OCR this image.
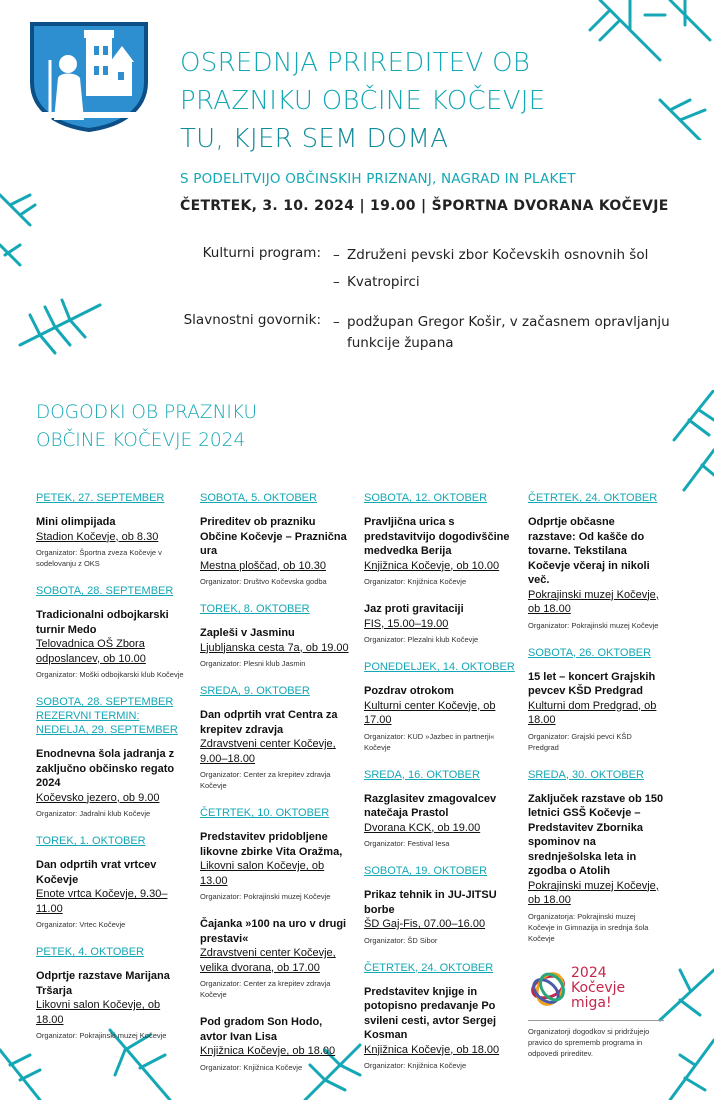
OSREDNJA PRIREDITEV OB
PRAZNIKU OBČINE KOČEVJE
TU, KJER SEM DOMA
S PODELITVIJO OBČINSKIH PRIZNANJ, NAGRAD IN PLAKET
ČETRTEK, 3. 10. 2024 | 19.00 | ŠPORTNA DVORANA KOČEVJE
Kulturni program: – Združeni pevski zbor Kočevskih osnovnih šol
– Kvatropirci
Slavnostni govornik: – podžupan Gregor Košir, v začasnem opravljanju funkcije župana
DOGODKI OB PRAZNIKU
OBČINE KOČEVJE 2024
PETEK, 27. SEPTEMBER
Mini olimpijada
Stadion Kočevje, ob 8.30
Organizator: Športna zveza Kočevje v sodelovanju z OKS
SOBOTA, 28. SEPTEMBER
Tradicionalni odbojkarski turnir Medo
Telovadnica OŠ Zbora odposlancev, ob 10.00
Organizator: Moški odbojkarski klub Kočevje
SOBOTA, 28. SEPTEMBER REZERVNI TERMIN: NEDELJA, 29. SEPTEMBER
Enodnevna šola jadranja z zaključno občinsko regato 2024
Kočevsko jezero, ob 9.00
Organizator: Jadralni klub Kočevje
TOREK, 1. OKTOBER
Dan odprtih vrat vrtcev Kočevje
Enote vrtca Kočevje, 9.30–11.00
Organizator: Vrtec Kočevje
PETEK, 4. OKTOBER
Odprtje razstave Marijana Tršarja
Likovni salon Kočevje, ob 18.00
Organizator: Pokrajinski muzej Kočevje
SOBOTA, 5. OKTOBER
Prireditev ob prazniku Občine Kočevje – Praznična ura
Mestna ploščad, ob 10.30
Organizator: Društvo Kočevska godba
TOREK, 8. OKTOBER
Zapleši v Jasminu
Ljubljanska cesta 7a, ob 19.00
Organizator: Plesni klub Jasmin
SREDA, 9. OKTOBER
Dan odprtih vrat Centra za krepitev zdravja
Zdravstveni center Kočevje, 9.00–18.00
Organizator: Center za krepitev zdravja Kočevje
ČETRTEK, 10. OKTOBER
Predstavitev pridobljene likovne zbirke Vita Oražma,
Likovni salon Kočevje, ob 13.00
Organizator: Pokrajinski muzej Kočevje
Čajanka »100 na uro v drugi prestavi«
Zdravstveni center Kočevje, velika dvorana, ob 17.00
Organizator: Center za krepitev zdravja Kočevje
Pod gradom Son Hodo, avtor Ivan Lisa
Knjižnica Kočevje, ob 18.00
Organizator: Knjižnica Kočevje
SOBOTA, 12. OKTOBER
Pravljična urica s predstavitvijo dogodivščine medvedka Berija
Knjižnica Kočevje, ob 10.00
Organizator: Knjižnica Kočevje
Jaz proti gravitaciji
FIS, 15.00–19.00
Organizator: Plezalni klub Kočevje
PONEDELJEK, 14. OKTOBER
Pozdrav otrokom
Kulturni center Kočevje, ob 17.00
Organizator: KUD »Jazbec in partnerji« Kočevje
SREDA, 16. OKTOBER
Razglasitev zmagovalcev natečaja Prastol
Dvorana KCK, ob 19.00
Organizator: Festival Iesa
SOBOTA, 19. OKTOBER
Prikaz tehnik in JU-JITSU borbe
ŠD Gaj-Fis, 07.00–16.00
Organizator: ŠD Sibor
ČETRTEK, 24. OKTOBER
Predstavitev knjige in potopisno predavanje Po svileni cesti, avtor Sergej Kosman
Knjižnica Kočevje, ob 18.00
Organizator: Knjižnica Kočevje
ČETRTEK, 24. OKTOBER
Odprtje občasne razstave: Od kašče do tovarne. Tekstilana Kočevje včeraj in nikoli več.
Pokrajinski muzej Kočevje, ob 18.00
Organizator: Pokrajinski muzej Kočevje
SOBOTA, 26. OKTOBER
15 let – koncert Grajskih pevcev KŠD Predgrad
Kulturni dom Predgrad, ob 18.00
Organizator: Grajski pevci KŠD Predgrad
SREDA, 30. OKTOBER
Zaključek razstave ob 150 letnici GSŠ Kočevje – Predstavitev Zbornika spominov na srednješolska leta in zgodba o Atolih
Pokrajinski muzej Kočevje, ob 18.00
Organizatorja: Pokrajinski muzej Kočevje in Gimnazija in srednja šola Kočevje
2024
Kočevje
miga!
Organizatorji dogodkov si pridržujejo pravico do sprememb programa in odpovedi prireditev.
